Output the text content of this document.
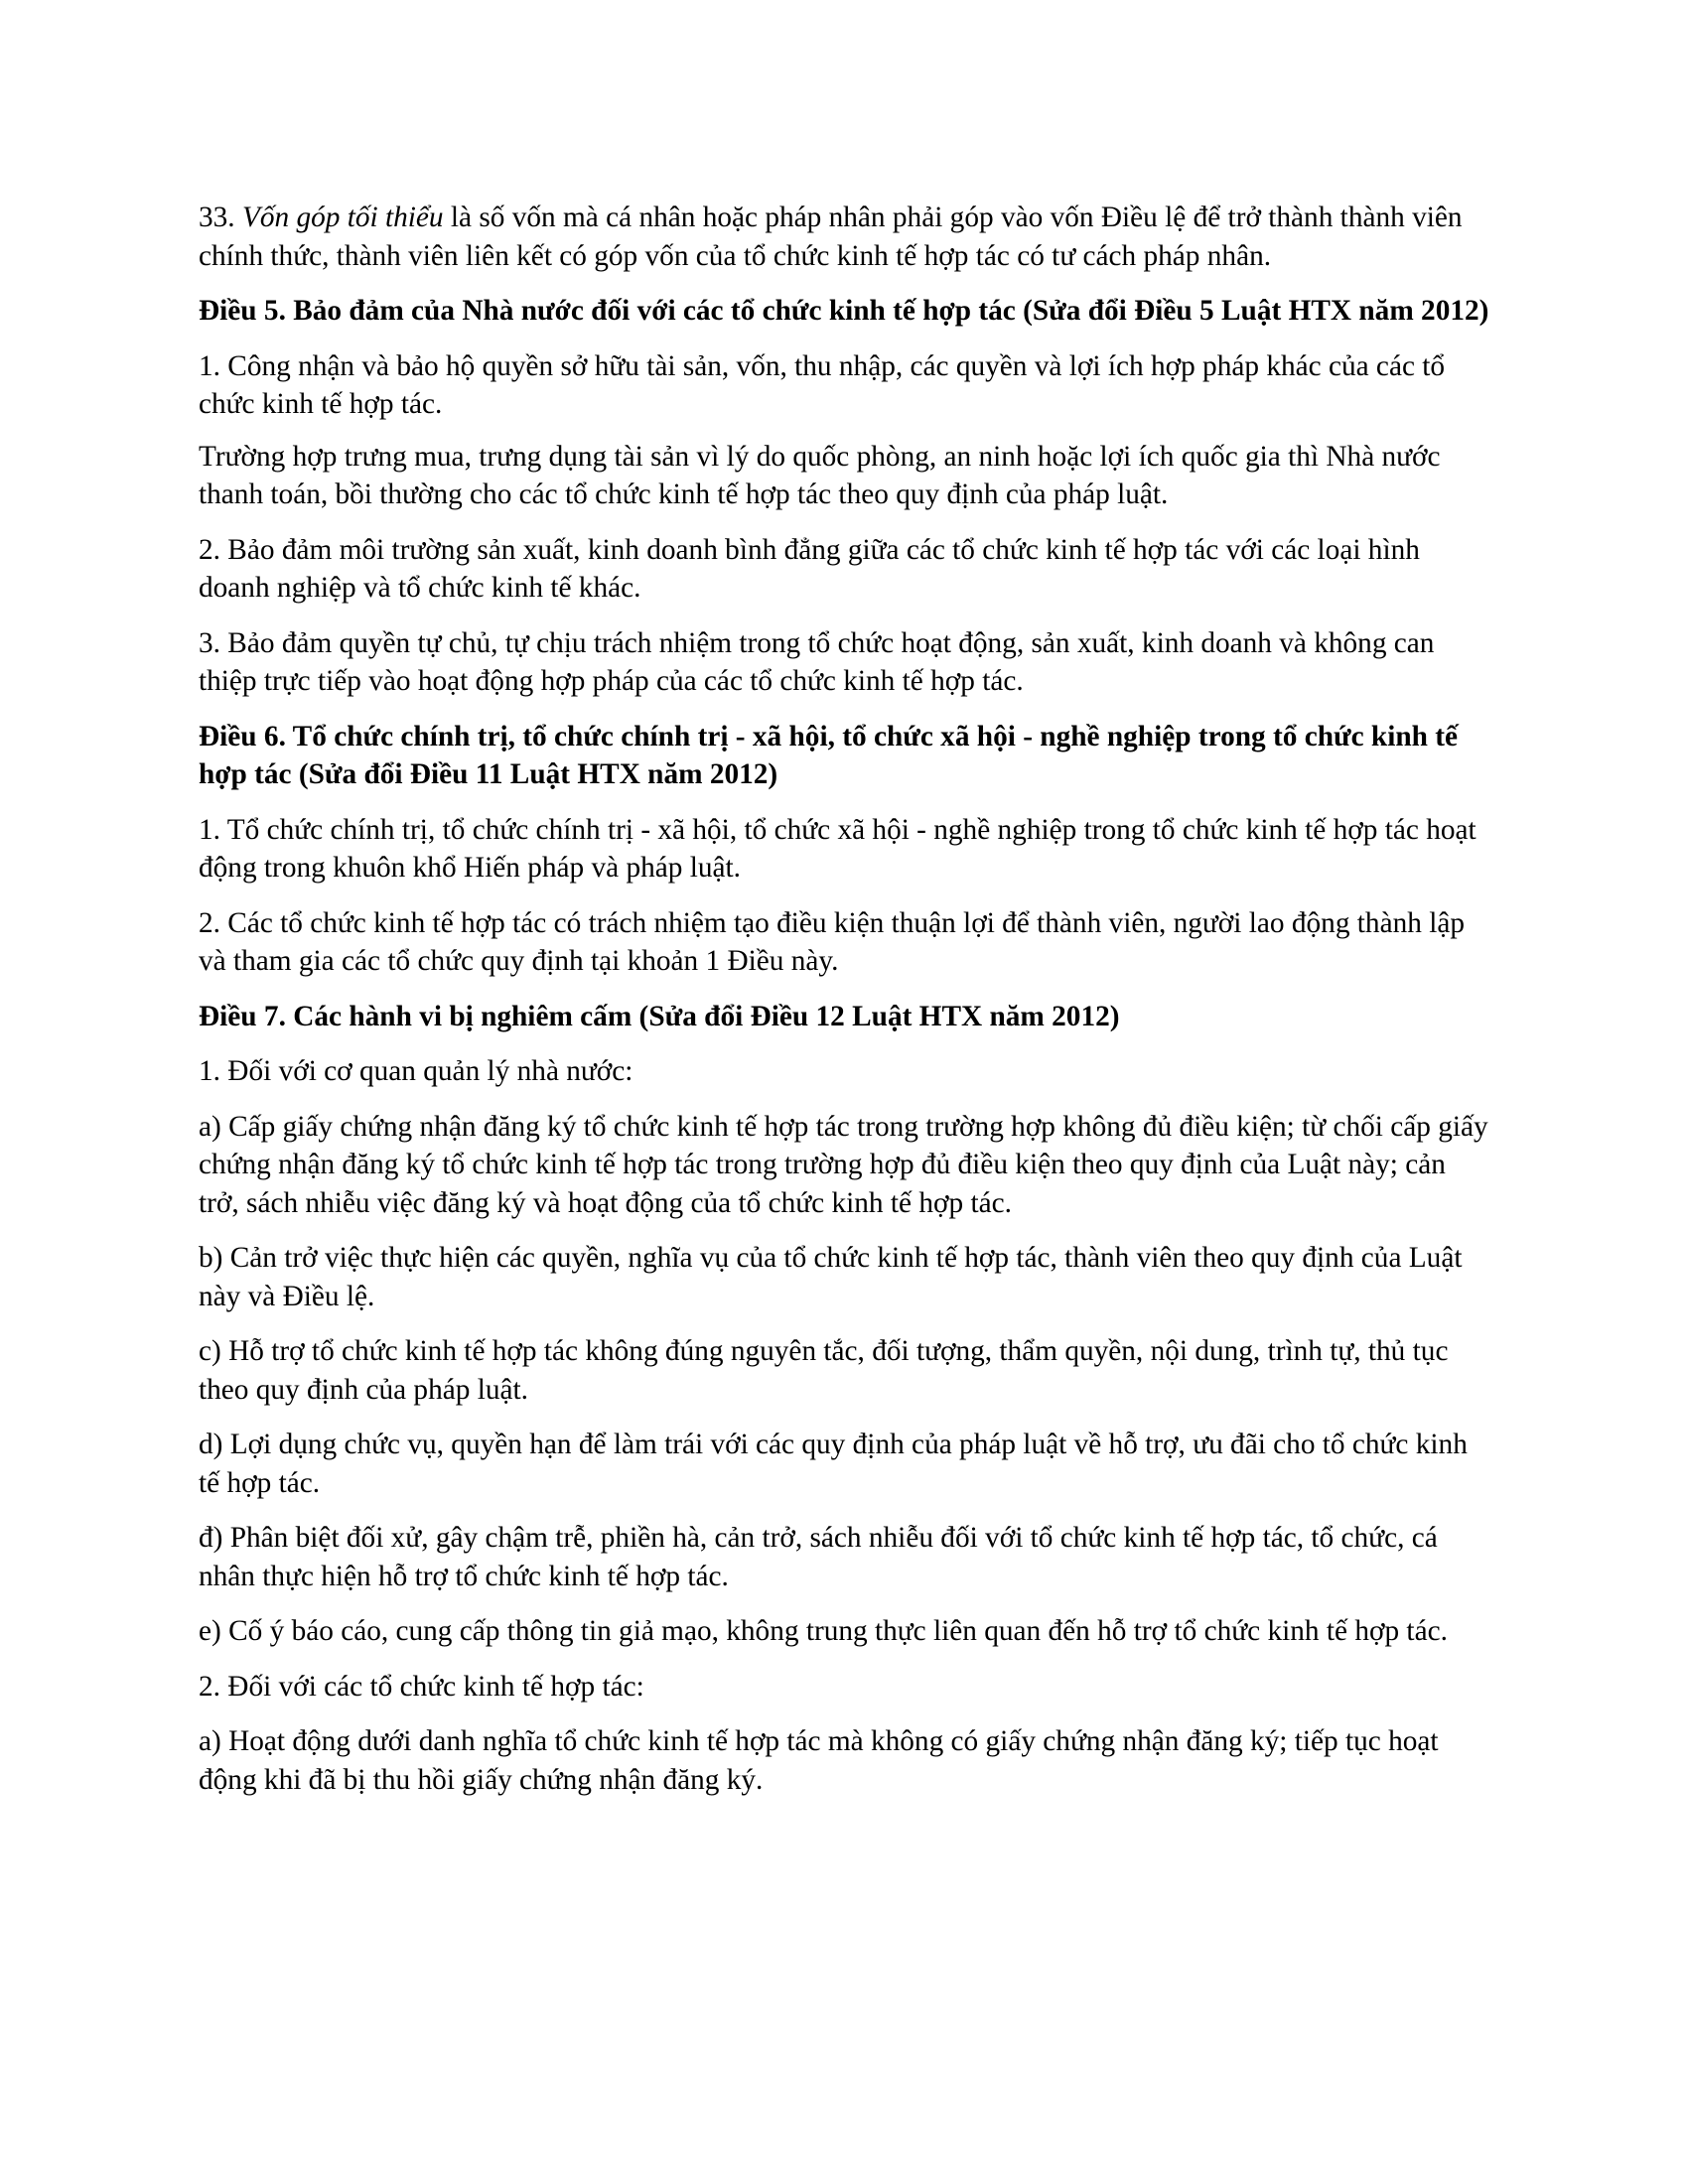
33. Vốn góp tối thiểu là số vốn mà cá nhân hoặc pháp nhân phải góp vào vốn Điều lệ để trở thành thành viên chính thức, thành viên liên kết có góp vốn của tổ chức kinh tế hợp tác có tư cách pháp nhân.

Điều 5. Bảo đảm của Nhà nước đối với các tổ chức kinh tế hợp tác (Sửa đổi Điều 5 Luật HTX năm 2012)

1. Công nhận và bảo hộ quyền sở hữu tài sản, vốn, thu nhập, các quyền và lợi ích hợp pháp khác của các tổ chức kinh tế hợp tác.

Trường hợp trưng mua, trưng dụng tài sản vì lý do quốc phòng, an ninh hoặc lợi ích quốc gia thì Nhà nước thanh toán, bồi thường cho các tổ chức kinh tế hợp tác theo quy định của pháp luật.

2. Bảo đảm môi trường sản xuất, kinh doanh bình đẳng giữa các tổ chức kinh tế hợp tác với các loại hình doanh nghiệp và tổ chức kinh tế khác.

3. Bảo đảm quyền tự chủ, tự chịu trách nhiệm trong tổ chức hoạt động, sản xuất, kinh doanh và không can thiệp trực tiếp vào hoạt động hợp pháp của các tổ chức kinh tế hợp tác.

Điều 6. Tổ chức chính trị, tổ chức chính trị - xã hội, tổ chức xã hội - nghề nghiệp trong tổ chức kinh tế hợp tác (Sửa đổi Điều 11 Luật HTX năm 2012)

1. Tổ chức chính trị, tổ chức chính trị - xã hội, tổ chức xã hội - nghề nghiệp trong tổ chức kinh tế hợp tác hoạt động trong khuôn khổ Hiến pháp và pháp luật.

2. Các tổ chức kinh tế hợp tác có trách nhiệm tạo điều kiện thuận lợi để thành viên, người lao động thành lập và tham gia các tổ chức quy định tại khoản 1 Điều này.

Điều 7. Các hành vi bị nghiêm cấm (Sửa đổi Điều 12 Luật HTX năm 2012)

1. Đối với cơ quan quản lý nhà nước:

a) Cấp giấy chứng nhận đăng ký tổ chức kinh tế hợp tác trong trường hợp không đủ điều kiện; từ chối cấp giấy chứng nhận đăng ký tổ chức kinh tế hợp tác trong trường hợp đủ điều kiện theo quy định của Luật này; cản trở, sách nhiễu việc đăng ký và hoạt động của tổ chức kinh tế hợp tác.

b) Cản trở việc thực hiện các quyền, nghĩa vụ của tổ chức kinh tế hợp tác, thành viên theo quy định của Luật này và Điều lệ.

c) Hỗ trợ tổ chức kinh tế hợp tác không đúng nguyên tắc, đối tượng, thẩm quyền, nội dung, trình tự, thủ tục theo quy định của pháp luật.

d) Lợi dụng chức vụ, quyền hạn để làm trái với các quy định của pháp luật về hỗ trợ, ưu đãi cho tổ chức kinh tế hợp tác.

đ) Phân biệt đối xử, gây chậm trễ, phiền hà, cản trở, sách nhiễu đối với tổ chức kinh tế hợp tác, tổ chức, cá nhân thực hiện hỗ trợ tổ chức kinh tế hợp tác.

e) Cố ý báo cáo, cung cấp thông tin giả mạo, không trung thực liên quan đến hỗ trợ tổ chức kinh tế hợp tác.

2. Đối với các tổ chức kinh tế hợp tác:

a) Hoạt động dưới danh nghĩa tổ chức kinh tế hợp tác mà không có giấy chứng nhận đăng ký; tiếp tục hoạt động khi đã bị thu hồi giấy chứng nhận đăng ký.
